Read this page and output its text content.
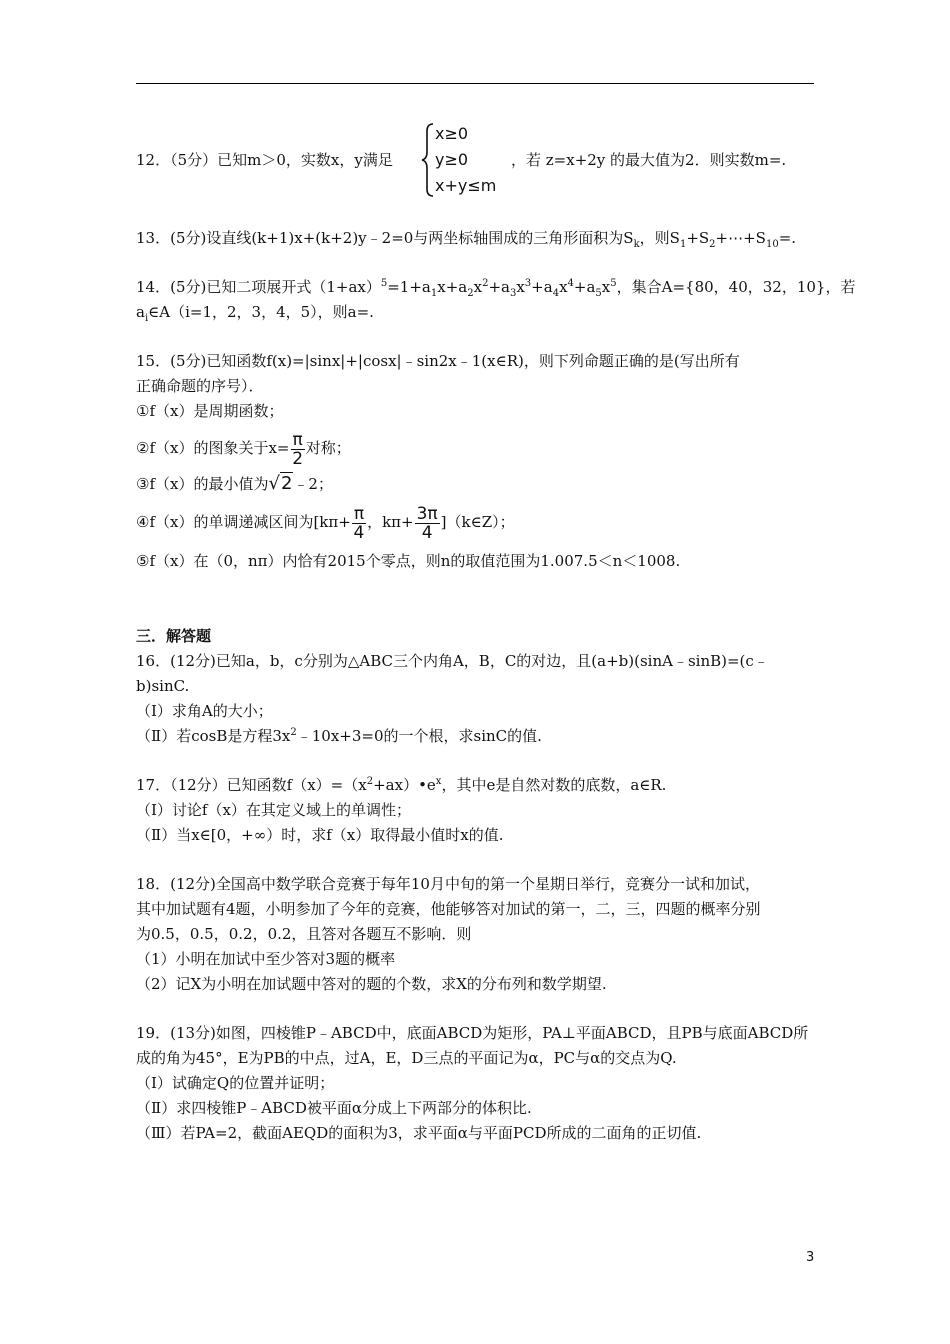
12．（5分）已知m＞0，实数x，y满足
x≥0
y≥0
x+y≤m
，若 z=x+2y 的最大值为2．则实数m=.
13．(5分)设直线(k+1)x+(k+2)y﹣2=0与两坐标轴围成的三角形面积为$S_k$，则$S_1+S_2+\cdots+S_{10}=$.
14．(5分)已知二项展开式$(1+ax)^5=1+a_1x+a_2x^2+a_3x^3+a_4x^4+a_5x^5$，集合A={80，40，32，10}，若
$a_i\in A(i=1$，2，3，4，5），则a=.
15．(5分)已知函数f(x)=|sinx|+|cosx|﹣sin2x﹣1(x∈R)，则下列命题正确的是(写出所有
正确命题的序号）．
①f（x）是周期函数；
②f（x）的图象关于$x= \frac{\pi}{2}$ 对称；
③f（x）的最小值为√2﹣2；
④f（x）的单调递减区间为[$k\pi+ \frac{\pi}{4}$ ，$k\pi+ \frac{3\pi}{4}$ ]（k∈Z）；
⑤f（x）在（0，nπ）内恰有2015个零点，则n的取值范围为1.007.5＜n＜1008.
三．解答题
16．(12分)已知a，b，c分别为△ABC三个内角A，B，C的对边，且(a+b)(sinA﹣sinB)=(c﹣
b)sinC.
（Ⅰ）求角A的大小；
（Ⅱ）若cosB是方程$3x^2﹣10x+3=0$的一个根，求sinC的值.
17．（12分）已知函数$f(x)=(x^2+ax)•e^x$，其中e是自然对数的底数，a∈R.
（Ⅰ）讨论f（x）在其定义域上的单调性；
（Ⅱ）当x∈[0，+∞）时，求f（x）取得最小值时x的值.
18．(12分)全国高中数学联合竞赛于每年10月中旬的第一个星期日举行，竞赛分一试和加试，
其中加试题有4题，小明参加了今年的竞赛，他能够答对加试的第一，二，三，四题的概率分别
为0.5，0.5，0.2，0.2，且答对各题互不影响．则
（1）小明在加试中至少答对3题的概率
（2）记X为小明在加试题中答对的题的个数，求X的分布列和数学期望.
19．(13分)如图，四棱锥P﹣ABCD中，底面ABCD为矩形，PA⊥平面ABCD，且PB与底面ABCD所
成的角为45°，E为PB的中点，过A，E，D三点的平面记为α，PC与α的交点为Q.
（Ⅰ）试确定Q的位置并证明；
（Ⅱ）求四棱锥P﹣ABCD被平面α分成上下两部分的体积比.
（Ⅲ）若PA=2，截面AEQD的面积为3，求平面α与平面PCD所成的二面角的正切值.
3
